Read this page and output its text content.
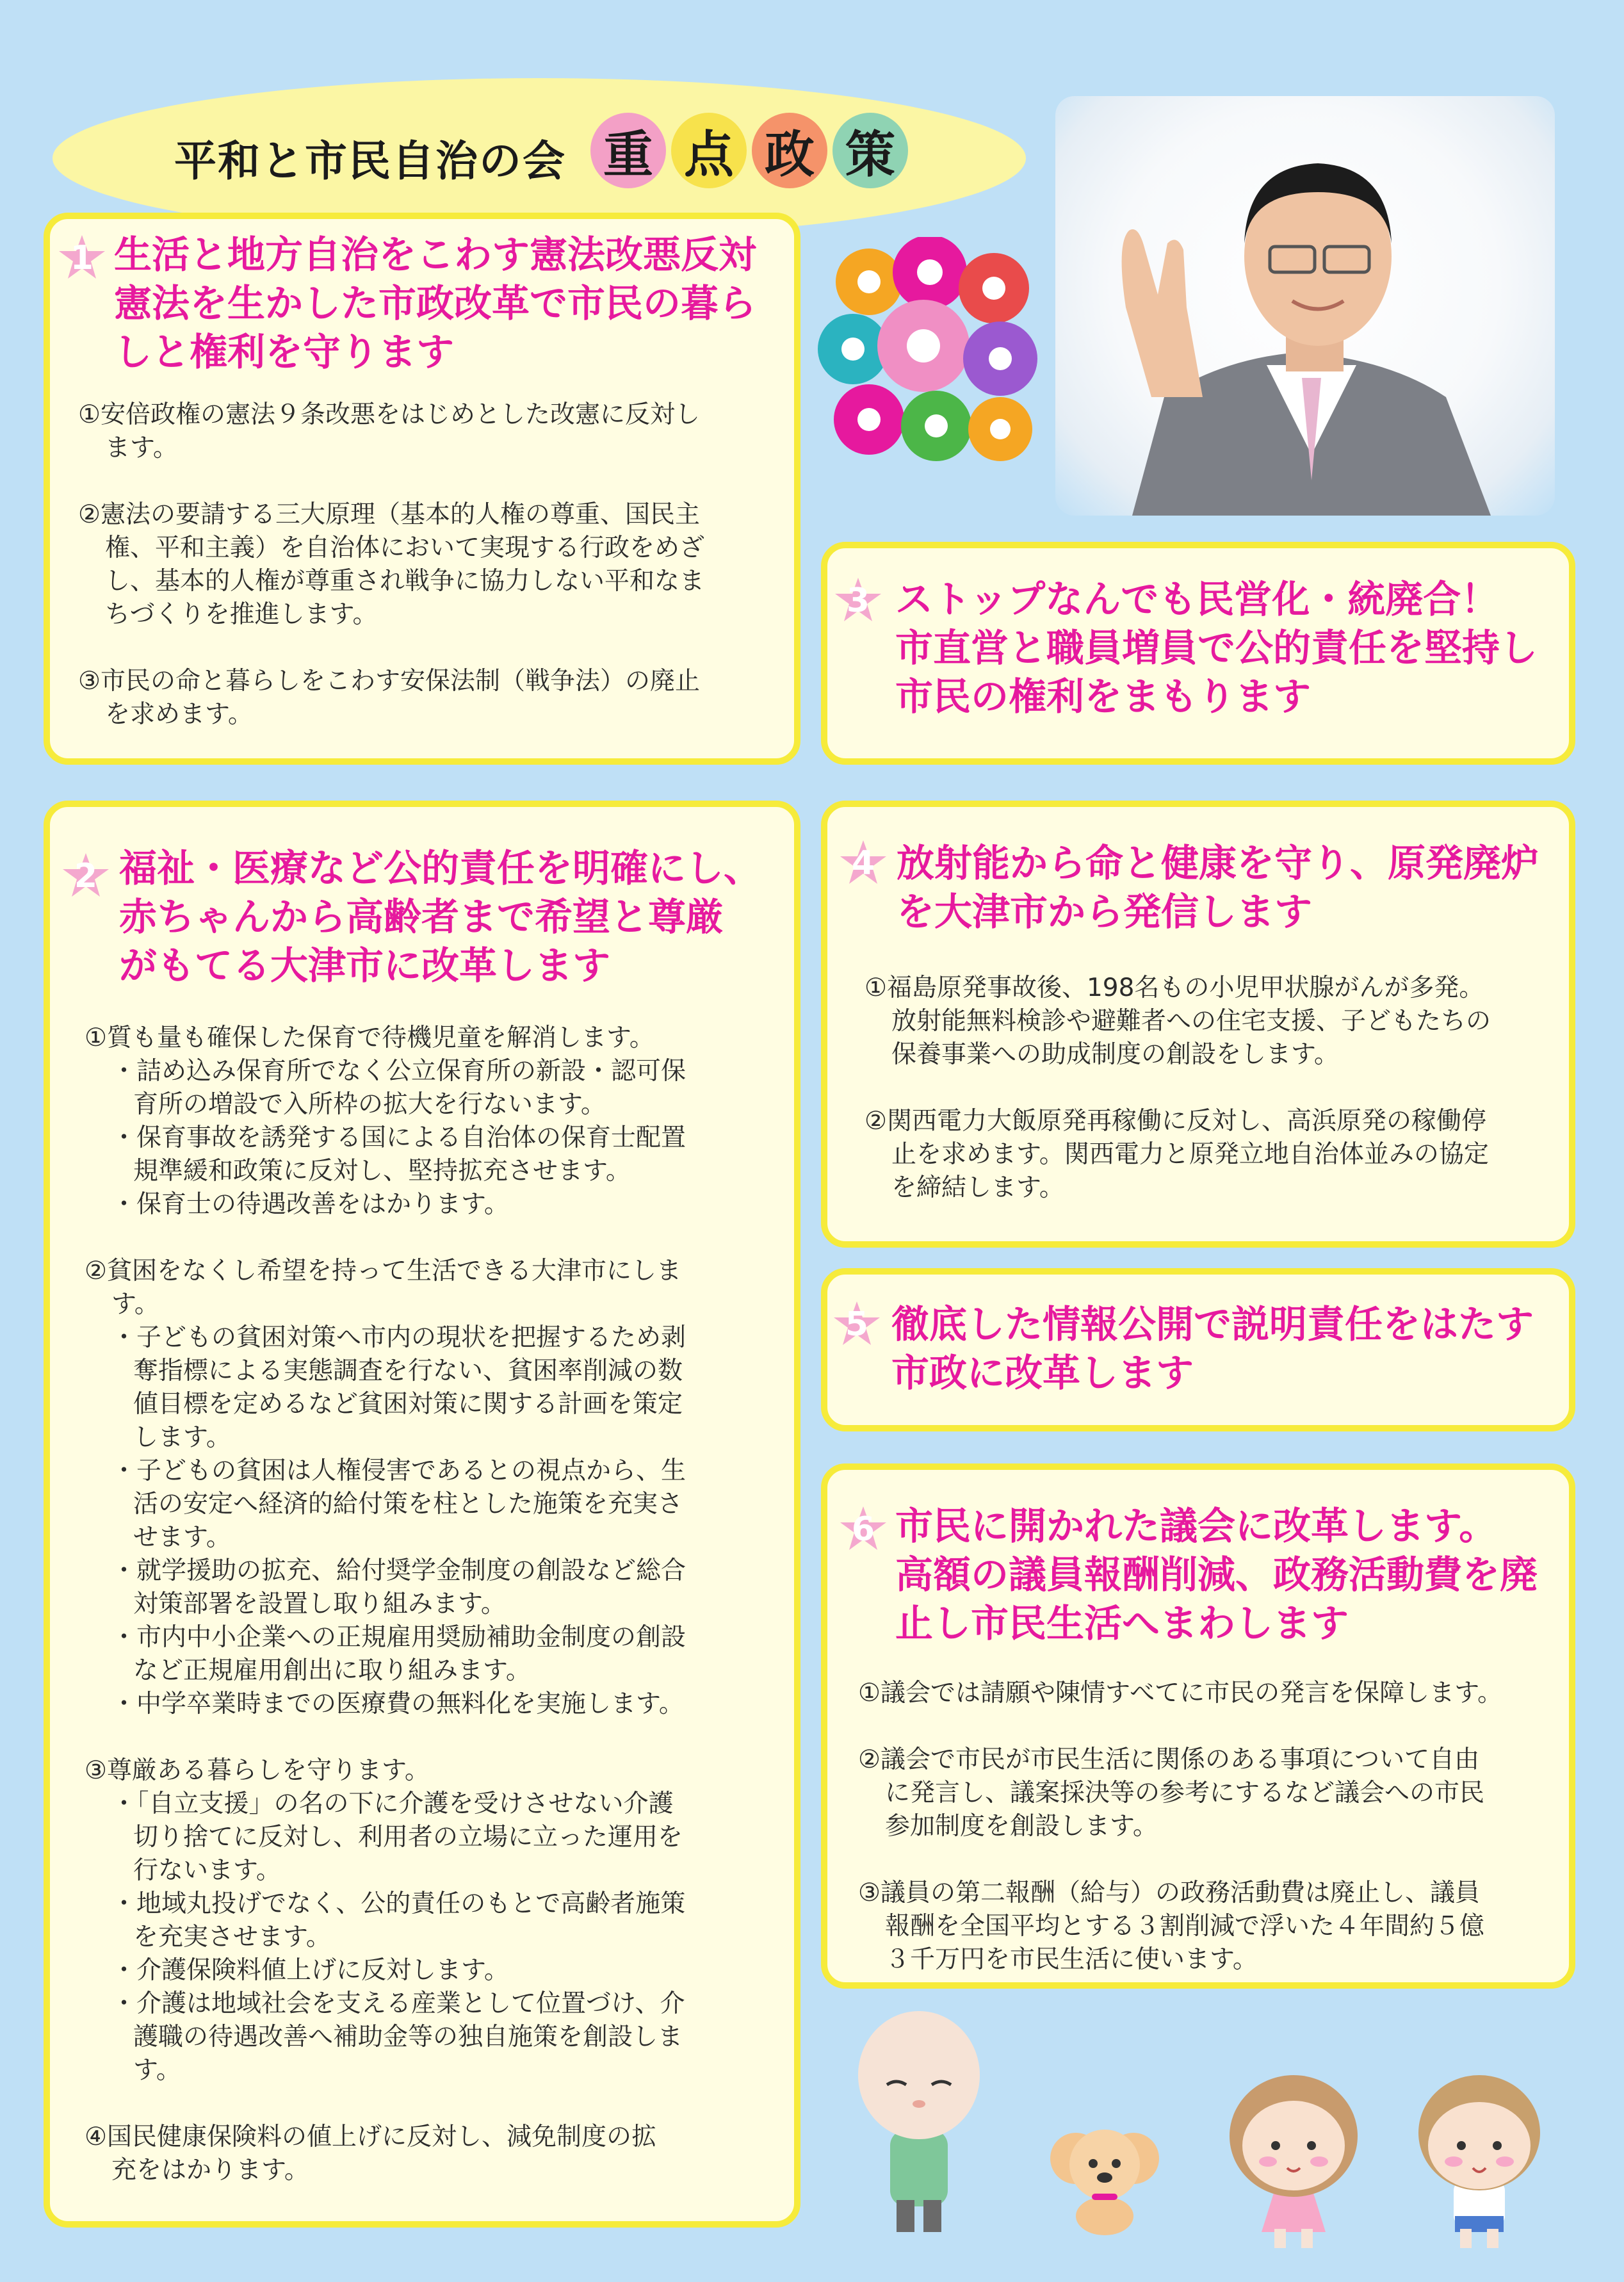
平和と市民自治の会 重 点 政 策
1 生活と地方自治をこわす憲法改悪反対
憲法を生かした市政改革で市民の暮ら
しと権利を守ります
①安倍政権の憲法９条改悪をはじめとした改憲に反対し
ます。
②憲法の要請する三大原理（基本的人権の尊重、国民主
権、平和主義）を自治体において実現する行政をめざ
し、基本的人権が尊重され戦争に協力しない平和なま
ちづくりを推進します。
③市民の命と暮らしをこわす安保法制（戦争法）の廃止
を求めます。
3 ストップなんでも民営化・統廃合！
市直営と職員増員で公的責任を堅持し
市民の権利をまもります
2 福祉・医療など公的責任を明確にし、
赤ちゃんから高齢者まで希望と尊厳
がもてる大津市に改革します
①質も量も確保した保育で待機児童を解消します。
・詰め込み保育所でなく公立保育所の新設・認可保
育所の増設で入所枠の拡大を行ないます。
・保育事故を誘発する国による自治体の保育士配置
規準緩和政策に反対し、堅持拡充させます。
・保育士の待遇改善をはかります。
②貧困をなくし希望を持って生活できる大津市にしま
す。
・子どもの貧困対策へ市内の現状を把握するため剥
奪指標による実態調査を行ない、貧困率削減の数
値目標を定めるなど貧困対策に関する計画を策定
します。
・子どもの貧困は人権侵害であるとの視点から、生
活の安定へ経済的給付策を柱とした施策を充実さ
せます。
・就学援助の拡充、給付奨学金制度の創設など総合
対策部署を設置し取り組みます。
・市内中小企業への正規雇用奨励補助金制度の創設
など正規雇用創出に取り組みます。
・中学卒業時までの医療費の無料化を実施します。
③尊厳ある暮らしを守ります。
・「自立支援」の名の下に介護を受けさせない介護
切り捨てに反対し、利用者の立場に立った運用を
行ないます。
・地域丸投げでなく、公的責任のもとで高齢者施策
を充実させます。
・介護保険料値上げに反対します。
・介護は地域社会を支える産業として位置づけ、介
護職の待遇改善へ補助金等の独自施策を創設しま
す。
④国民健康保険料の値上げに反対し、減免制度の拡
充をはかります。
4 放射能から命と健康を守り、原発廃炉
を大津市から発信します
①福島原発事故後、198名もの小児甲状腺がんが多発。
放射能無料検診や避難者への住宅支援、子どもたちの
保養事業への助成制度の創設をします。
②関西電力大飯原発再稼働に反対し、高浜原発の稼働停
止を求めます。関西電力と原発立地自治体並みの協定
を締結します。
5 徹底した情報公開で説明責任をはたす
市政に改革します
6 市民に開かれた議会に改革します。
高額の議員報酬削減、政務活動費を廃
止し市民生活へまわします
①議会では請願や陳情すべてに市民の発言を保障します。
②議会で市民が市民生活に関係のある事項について自由
に発言し、議案採決等の参考にするなど議会への市民
参加制度を創設します。
③議員の第二報酬（給与）の政務活動費は廃止し、議員
報酬を全国平均とする３割削減で浮いた４年間約５億
３千万円を市民生活に使います。
